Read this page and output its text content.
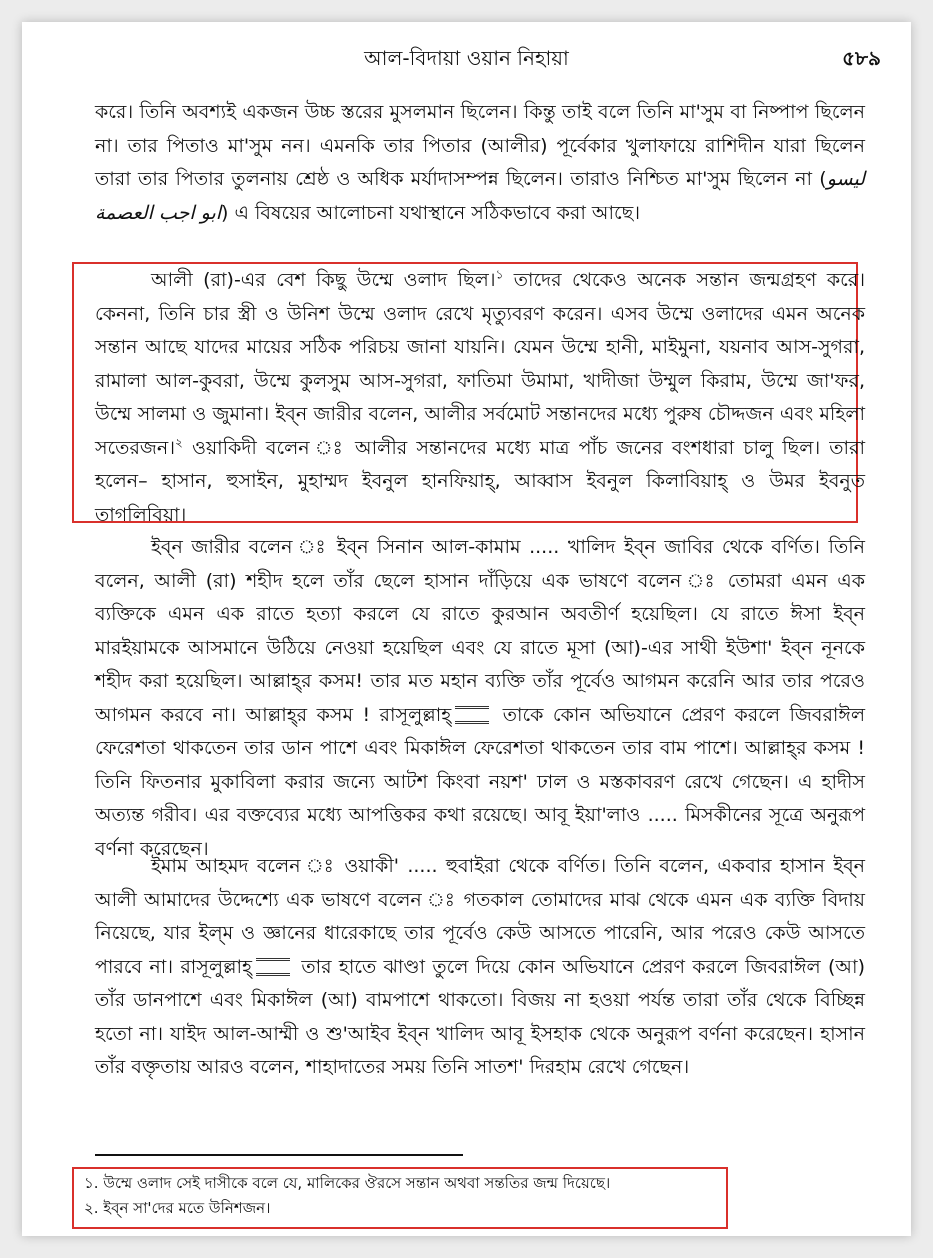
আল-বিদায়া ওয়ান নিহায়া	৫৮৯

করে। তিনি অবশ্যই একজন উচ্চ স্তরের মুসলমান ছিলেন। কিন্তু তাই বলে তিনি মা'সুম বা নিষ্পাপ ছিলেন না। তার পিতাও মা'সুম নন। এমনকি তার পিতার (আলীর) পূর্বেকার খুলাফায়ে রাশিদীন যারা ছিলেন তারা তার পিতার তুলনায় শ্রেষ্ঠ ও অধিক মর্যাদাসম্পন্ন ছিলেন। তারাও নিশ্চিত মা'সুম ছিলেন না (ليسو ابو اجب العصمة) এ বিষয়ের আলোচনা যথাস্থানে সঠিকভাবে করা আছে।

আলী (রা)-এর বেশ কিছু উম্মে ওলাদ ছিল।$^১$ তাদের থেকেও অনেক সন্তান জন্মগ্রহণ করে। কেননা, তিনি চার স্ত্রী ও উনিশ উম্মে ওলাদ রেখে মৃত্যুবরণ করেন। এসব উম্মে ওলাদের এমন অনেক সন্তান আছে যাদের মায়ের সঠিক পরিচয় জানা যায়নি। যেমন উম্মে হানী, মাইমুনা, যয়নাব আস-সুগরা, রামালা আল-কুবরা, উম্মে কুলসুম আস-সুগরা, ফাতিমা উমামা, খাদীজা উম্মুল কিরাম, উম্মে জা'ফর, উম্মে সালমা ও জুমানা। ইব্‌ন জারীর বলেন, আলীর সর্বমোট সন্তানদের মধ্যে পুরুষ চৌদ্দজন এবং মহিলা সতেরজন।$^২$ ওয়াকিদী বলেন ঃ আলীর সন্তানদের মধ্যে মাত্র পাঁচ জনের বংশধারা চালু ছিল। তারা হলেন– হাসান, হুসাইন, মুহাম্মদ ইবনুল হানফিয়াহ্‌, আব্বাস ইবনুল কিলাবিয়াহ্‌ ও উমর ইবনুত তাগলিবিয়া।

ইব্‌ন জারীর বলেন ঃ ইব্‌ন সিনান আল-কামাম ..... খালিদ ইব্‌ন জাবির থেকে বর্ণিত। তিনি বলেন, আলী (রা) শহীদ হলে তাঁর ছেলে হাসান দাঁড়িয়ে এক ভাষণে বলেন ঃ তোমরা এমন এক ব্যক্তিকে এমন এক রাতে হত্যা করলে যে রাতে কুরআন অবতীর্ণ হয়েছিল। যে রাতে ঈসা ইব্‌ন মারইয়ামকে আসমানে উঠিয়ে নেওয়া হয়েছিল এবং যে রাতে মূসা (আ)-এর সাথী ইউশা' ইব্‌ন নূনকে শহীদ করা হয়েছিল। আল্লাহ্‌র কসম! তার মত মহান ব্যক্তি তাঁর পূর্বেও আগমন করেনি আর তার পরেও আগমন করবে না। আল্লাহ্‌র কসম ! রাসূলুল্লাহ্‌ তাকে কোন অভিযানে প্রেরণ করলে জিবরাঈল ফেরেশতা থাকতেন তার ডান পাশে এবং মিকাঈল ফেরেশতা থাকতেন তার বাম পাশে। আল্লাহ্‌র কসম ! তিনি ফিতনার মুকাবিলা করার জন্যে আটশ কিংবা নয়শ' ঢাল ও মস্তকাবরণ রেখে গেছেন। এ হাদীস অত্যন্ত গরীব। এর বক্তব্যের মধ্যে আপত্তিকর কথা রয়েছে। আবূ ইয়া'লাও ..... মিসকীনের সূত্রে অনুরূপ বর্ণনা করেছেন।

ইমাম আহমদ বলেন ঃ ওয়াকী' ..... হুবাইরা থেকে বর্ণিত। তিনি বলেন, একবার হাসান ইব্‌ন আলী আমাদের উদ্দেশ্যে এক ভাষণে বলেন ঃ গতকাল তোমাদের মাঝ থেকে এমন এক ব্যক্তি বিদায় নিয়েছে, যার ইল্‌ম ও জ্ঞানের ধারেকাছে তার পূর্বেও কেউ আসতে পারেনি, আর পরেও কেউ আসতে পারবে না। রাসূলুল্লাহ্‌ তার হাতে ঝাণ্ডা তুলে দিয়ে কোন অভিযানে প্রেরণ করলে জিবরাঈল (আ) তাঁর ডানপাশে এবং মিকাঈল (আ) বামপাশে থাকতো। বিজয় না হওয়া পর্যন্ত তারা তাঁর থেকে বিচ্ছিন্ন হতো না। যাইদ আল-আম্মী ও শু'আইব ইব্‌ন খালিদ আবূ ইসহাক থেকে অনুরূপ বর্ণনা করেছেন। হাসান তাঁর বক্তৃতায় আরও বলেন, শাহাদাতের সময় তিনি সাতশ' দিরহাম রেখে গেছেন।

১. উম্মে ওলাদ সেই দাসীকে বলে যে, মালিকের ঔরসে সন্তান অথবা সন্ততির জন্ম দিয়েছে।

২. ইব্‌ন সা'দের মতে উনিশজন।
